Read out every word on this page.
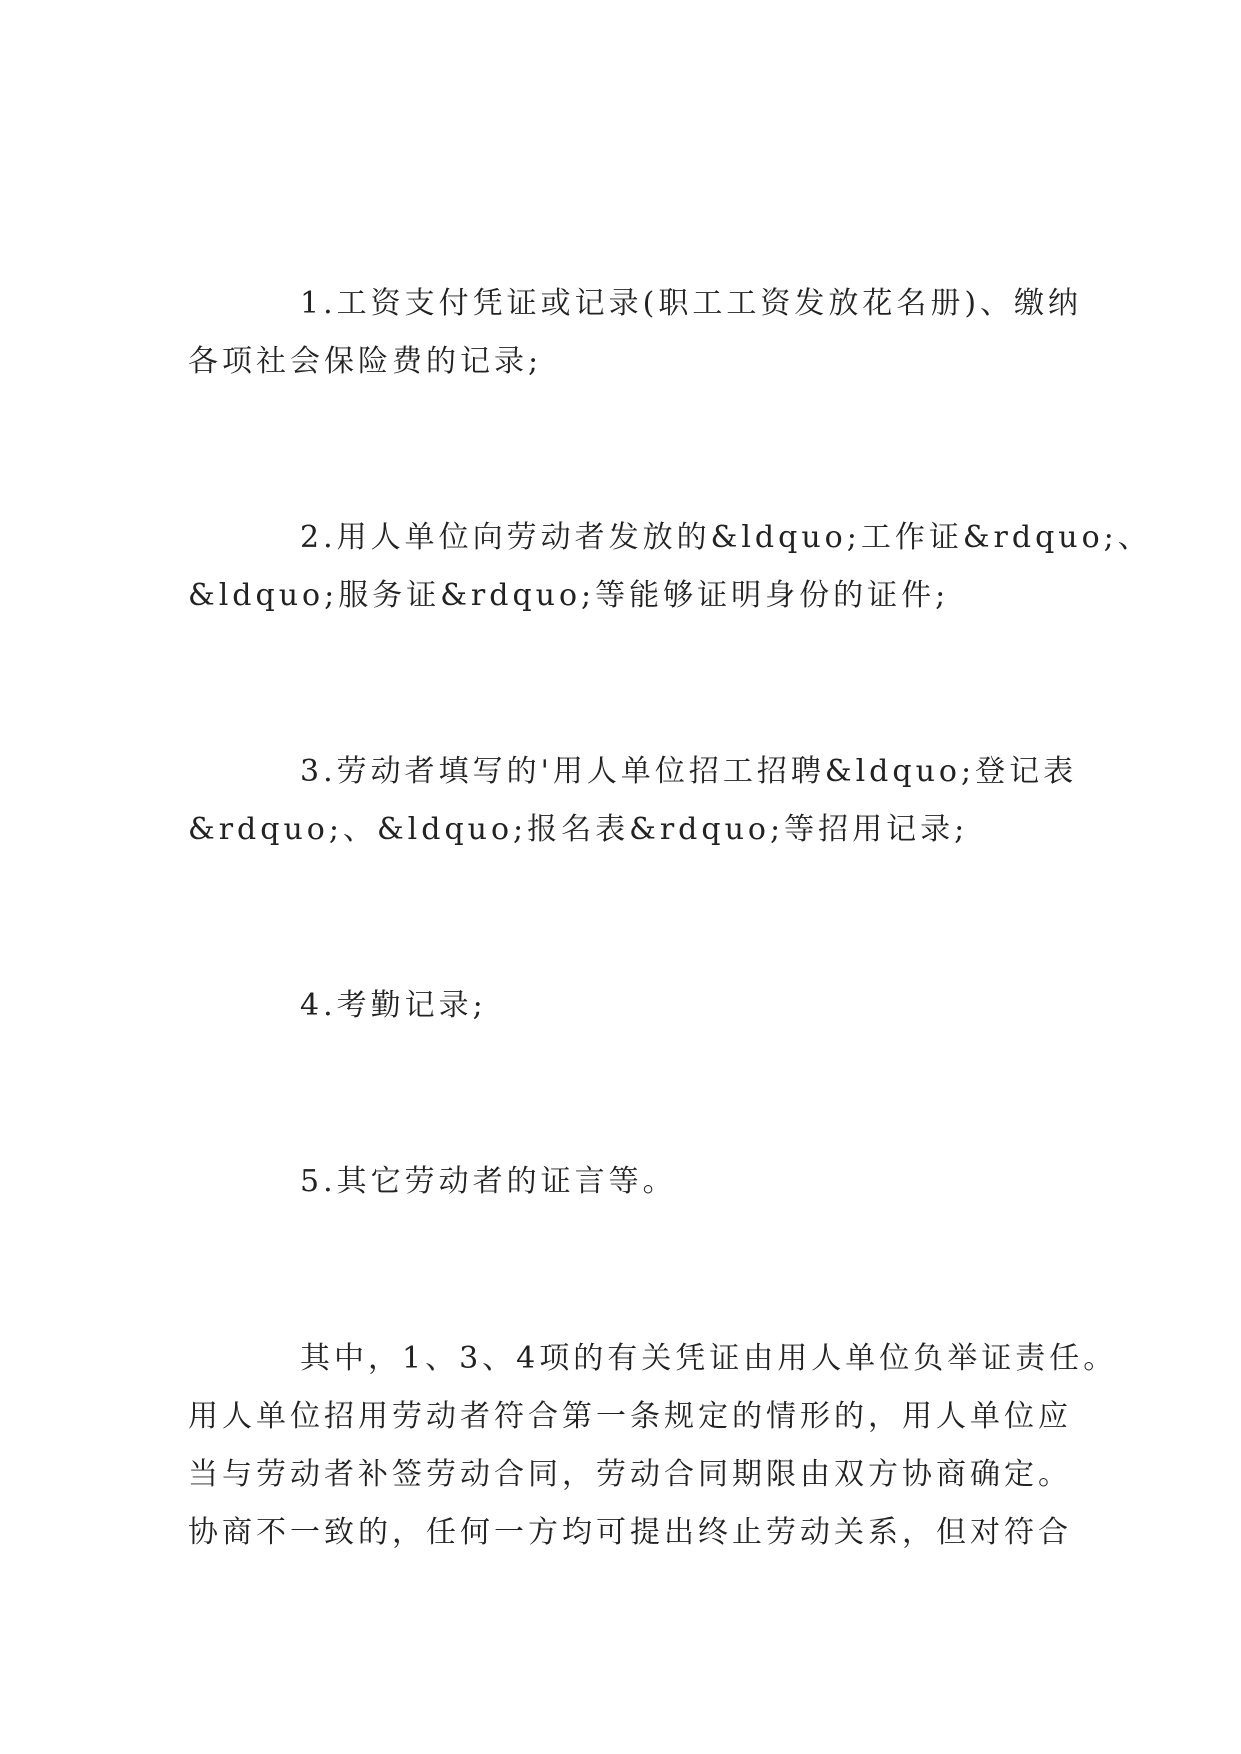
1.工资支付凭证或记录(职工工资发放花名册)、缴纳
各项社会保险费的记录;

2.用人单位向劳动者发放的&ldquo;工作证&rdquo;、
&ldquo;服务证&rdquo;等能够证明身份的证件;

3.劳动者填写的'用人单位招工招聘&ldquo;登记表
&rdquo;、&ldquo;报名表&rdquo;等招用记录;

4.考勤记录;

5.其它劳动者的证言等。

其中，1、3、4项的有关凭证由用人单位负举证责任。
用人单位招用劳动者符合第一条规定的情形的，用人单位应
当与劳动者补签劳动合同，劳动合同期限由双方协商确定。
协商不一致的，任何一方均可提出终止劳动关系，但对符合
